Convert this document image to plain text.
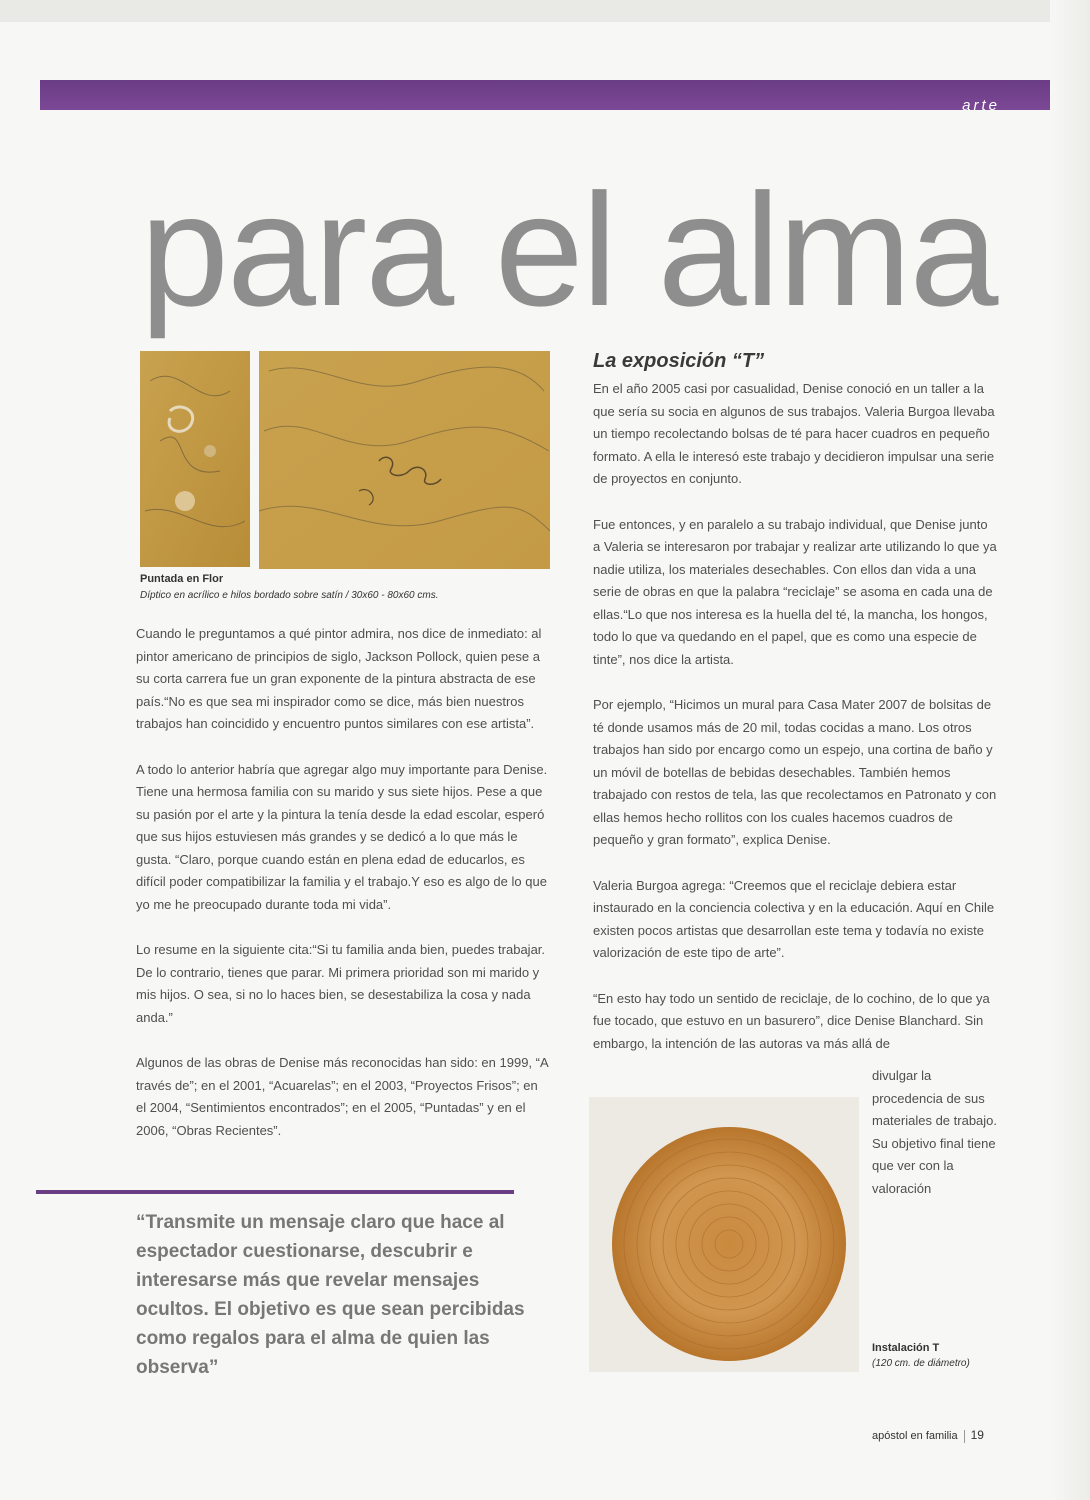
arte
para el alma
Puntada en Flor
Díptico en acrílico e hilos bordado sobre satín / 30x60 - 80x60 cms.

Cuando le preguntamos a qué pintor admira, nos dice de inmediato: al pintor americano de principios de siglo, Jackson Pollock, quien pese a su corta carrera fue un gran exponente de la pintura abstracta de ese país.“No es que sea mi inspirador como se dice, más bien nuestros trabajos han coincidido y encuentro puntos similares con ese artista”.

A todo lo anterior habría que agregar algo muy importante para Denise. Tiene una hermosa familia con su marido y sus siete hijos. Pese a que su pasión por el arte y la pintura la tenía desde la edad escolar, esperó que sus hijos estuviesen más grandes y se dedicó a lo que más le gusta. “Claro, porque cuando están en plena edad de educarlos, es difícil poder compatibilizar la familia y el trabajo.Y eso es algo de lo que yo me he preocupado durante toda mi vida”.

Lo resume en la siguiente cita:“Si tu familia anda bien, puedes trabajar. De lo contrario, tienes que parar. Mi primera prioridad son mi marido y mis hijos. O sea, si no lo haces bien, se desestabiliza la cosa y nada anda.”

Algunos de las obras de Denise más reconocidas han sido: en 1999, “A través de”; en el 2001, “Acuarelas”; en el 2003, “Proyectos Frisos”; en el 2004, “Sentimientos encontrados”; en el 2005, “Puntadas” y en el 2006, “Obras Recientes”.

“Transmite un mensaje claro que hace al espectador cuestionarse, descubrir e interesarse más que revelar mensajes ocultos. El objetivo es que sean percibidas como regalos para el alma de quien las observa”
La exposición “T”

En el año 2005 casi por casualidad, Denise conoció en un taller a la que sería su socia en algunos de sus trabajos. Valeria Burgoa llevaba un tiempo recolectando bolsas de té para hacer cuadros en pequeño formato. A ella le interesó este trabajo y decidieron impulsar una serie de proyectos en conjunto.

Fue entonces, y en paralelo a su trabajo individual, que Denise junto a Valeria se interesaron por trabajar y realizar arte utilizando lo que ya nadie utiliza, los materiales desechables. Con ellos dan vida a una serie de obras en que la palabra “reciclaje” se asoma en cada una de ellas.“Lo que nos interesa es la huella del té, la mancha, los hongos, todo lo que va quedando en el papel, que es como una especie de tinte”, nos dice la artista.

Por ejemplo, “Hicimos un mural para Casa Mater 2007 de bolsitas de té donde usamos más de 20 mil, todas cocidas a mano. Los otros trabajos han sido por encargo como un espejo, una cortina de baño y un móvil de botellas de bebidas desechables. También hemos trabajado con restos de tela, las que recolectamos en Patronato y con ellas hemos hecho rollitos con los cuales hacemos cuadros de pequeño y gran formato”, explica Denise.

Valeria Burgoa agrega: “Creemos que el reciclaje debiera estar instaurado en la conciencia colectiva y en la educación. Aquí en Chile existen pocos artistas que desarrollan este tema y todavía no existe valorización de este tipo de arte”.

“En esto hay todo un sentido de reciclaje, de lo cochino, de lo que ya fue tocado, que estuvo en un basurero”, dice Denise Blanchard. Sin embargo, la intención de las autoras va más allá de

divulgar la procedencia de sus materiales de trabajo. Su objetivo final tiene que ver con la valoración
Instalación T
(120 cm. de diámetro)
apóstol en familia 19
